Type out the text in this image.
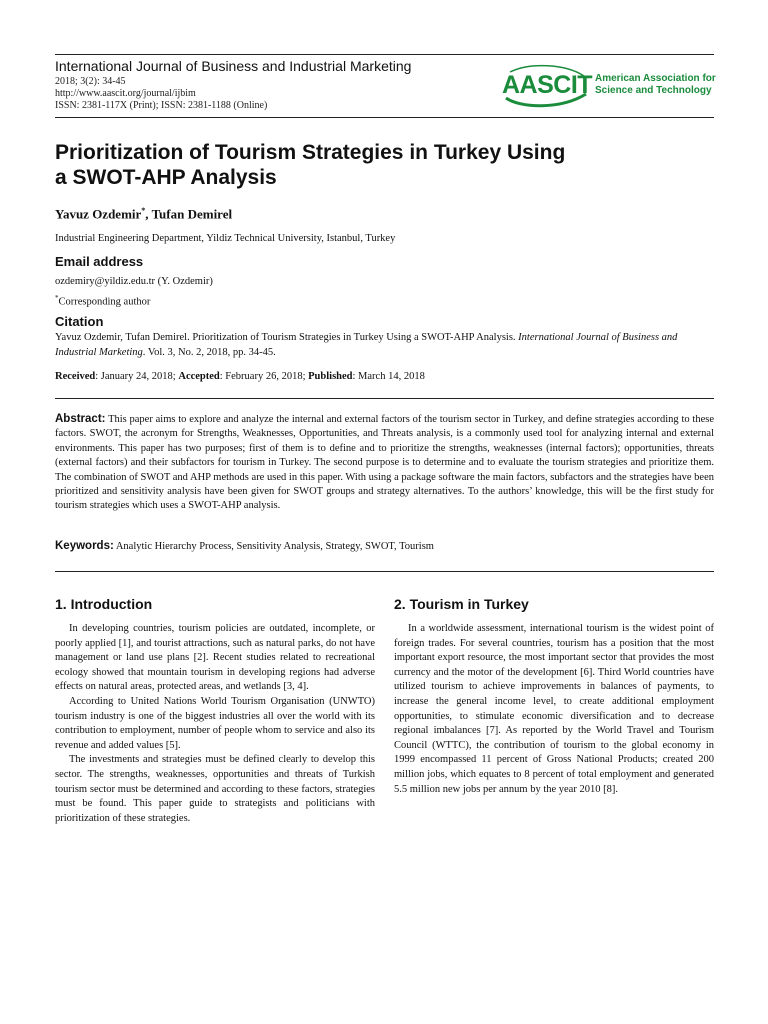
International Journal of Business and Industrial Marketing
2018; 3(2): 34-45
http://www.aascit.org/journal/ijbim
ISSN: 2381-117X (Print); ISSN: 2381-1188 (Online)
AASCIT American Association for
Science and Technology
Prioritization of Tourism Strategies in Turkey Using
a SWOT-AHP Analysis
Yavuz Ozdemir*, Tufan Demirel
Industrial Engineering Department, Yildiz Technical University, Istanbul, Turkey
Email address
ozdemiry@yildiz.edu.tr (Y. Ozdemir)
*Corresponding author
Citation

Yavuz Ozdemir, Tufan Demirel. Prioritization of Tourism Strategies in Turkey Using a SWOT-AHP Analysis. International Journal of Business and Industrial Marketing. Vol. 3, No. 2, 2018, pp. 34-45.

Received: January 24, 2018; Accepted: February 26, 2018; Published: March 14, 2018

Abstract: This paper aims to explore and analyze the internal and external factors of the tourism sector in Turkey, and define strategies according to these factors. SWOT, the acronym for Strengths, Weaknesses, Opportunities, and Threats analysis, is a commonly used tool for analyzing internal and external environments. This paper has two purposes; first of them is to define and to prioritize the strengths, weaknesses (internal factors); opportunities, threats (external factors) and their subfactors for tourism in Turkey. The second purpose is to determine and to evaluate the tourism strategies and prioritize them. The combination of SWOT and AHP methods are used in this paper. With using a package software the main factors, subfactors and the strategies have been prioritized and sensitivity analysis have been given for SWOT groups and strategy alternatives. To the authors’ knowledge, this will be the first study for tourism strategies which uses a SWOT-AHP analysis.

Keywords: Analytic Hierarchy Process, Sensitivity Analysis, Strategy, SWOT, Tourism
1. Introduction

In developing countries, tourism policies are outdated, incomplete, or poorly applied [1], and tourist attractions, such as natural parks, do not have management or land use plans [2]. Recent studies related to recreational ecology showed that mountain tourism in developing regions had adverse effects on natural areas, protected areas, and wetlands [3, 4].

According to United Nations World Tourism Organisation (UNWTO) tourism industry is one of the biggest industries all over the world with its contribution to employment, number of people whom to service and also its revenue and added values [5].

The investments and strategies must be defined clearly to develop this sector. The strengths, weaknesses, opportunities and threats of Turkish tourism sector must be determined and according to these factors, strategies must be found. This paper guide to strategists and politicians with prioritization of these strategies.

2. Tourism in Turkey

In a worldwide assessment, international tourism is the widest point of foreign trades. For several countries, tourism has a position that the most important export resource, the most important sector that provides the most currency and the motor of the development [6]. Third World countries have utilized tourism to achieve improvements in balances of payments, to increase the general income level, to create additional employment opportunities, to stimulate economic diversification and to decrease regional imbalances [7]. As reported by the World Travel and Tourism Council (WTTC), the contribution of tourism to the global economy in 1999 encompassed 11 percent of Gross National Products; created 200 million jobs, which equates to 8 percent of total employment and generated 5.5 million new jobs per annum by the year 2010 [8].
